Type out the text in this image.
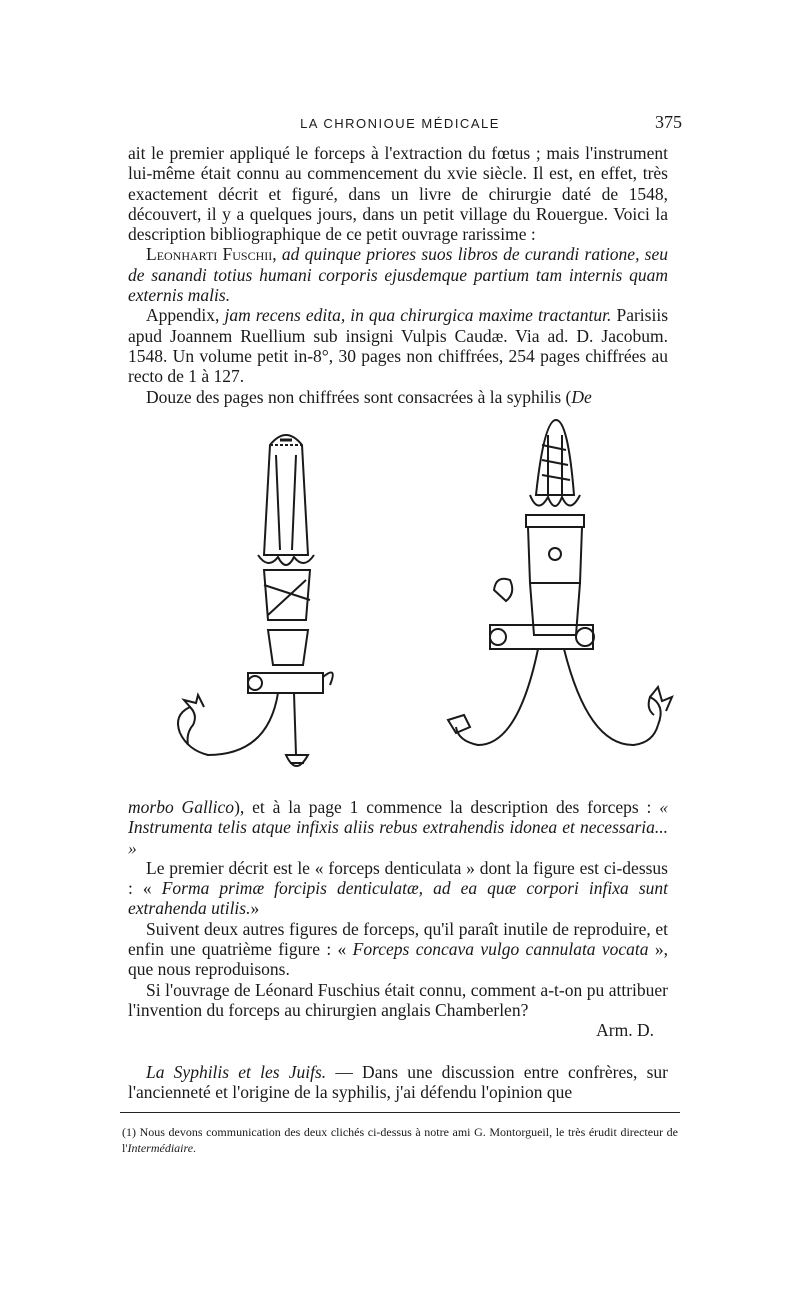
LA CHRONIOUE MÉDICALE	375

ait le premier appliqué le forceps à l'extraction du fœtus ; mais l'instrument lui-même était connu au commencement du xvie siècle. Il est, en effet, très exactement décrit et figuré, dans un livre de chirurgie daté de 1548, découvert, il y a quelques jours, dans un petit village du Rouergue. Voici la description bibliographique de ce petit ouvrage rarissime :

Leonharti Fuschii, ad quinque priores suos libros de curandi ratione, seu de sanandi totius humani corporis ejusdemque partium tam internis quam externis malis.

Appendix, jam recens edita, in qua chirurgica maxime tractantur. Parisiis apud Joannem Ruellium sub insigni Vulpis Caudæ. Via ad. D. Jacobum. 1548. Un volume petit in-8°, 30 pages non chiffrées, 254 pages chiffrées au recto de 1 à 127.

Douze des pages non chiffrées sont consacrées à la syphilis (De

morbo Gallico), et à la page 1 commence la description des forceps : « Instrumenta telis atque infixis aliis rebus extrahendis idonea et necessaria... »

Le premier décrit est le « forceps denticulata » dont la figure est ci-dessus : « Forma primæ forcipis denticulatæ, ad ea quæ corpori infixa sunt extrahenda utilis.»

Suivent deux autres figures de forceps, qu'il paraît inutile de reproduire, et enfin une quatrième figure : « Forceps concava vulgo cannulata vocata », que nous reproduisons.

Si l'ouvrage de Léonard Fuschius était connu, comment a-t-on pu attribuer l'invention du forceps au chirurgien anglais Chamberlen?

Arm. D.

La Syphilis et les Juifs. — Dans une discussion entre confrères, sur l'ancienneté et l'origine de la syphilis, j'ai défendu l'opinion que

(1) Nous devons communication des deux clichés ci-dessus à notre ami G. Montorgueil, le très érudit directeur de l'Intermédiaire.
